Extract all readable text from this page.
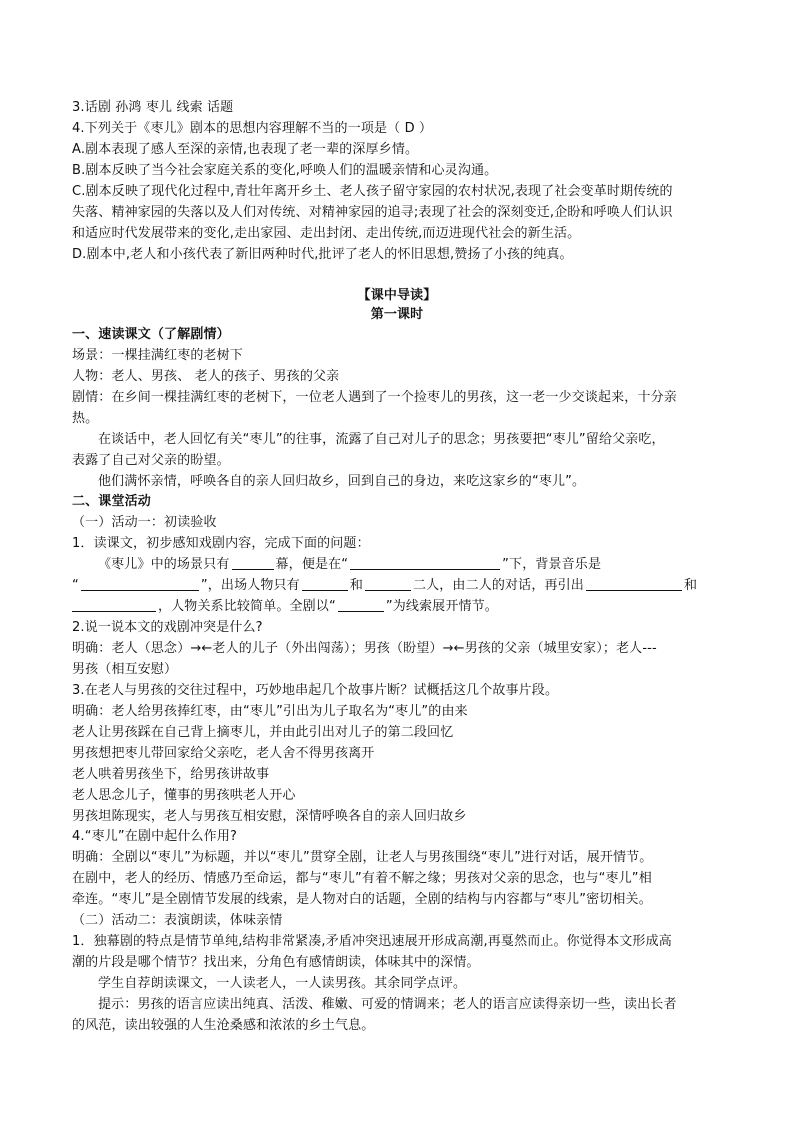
3.话剧 孙鸿 枣儿 线索 话题
4.下列关于《枣儿》剧本的思想内容理解不当的一项是（ D ）
A.剧本表现了感人至深的亲情,也表现了老一辈的深厚乡情。
B.剧本反映了当今社会家庭关系的变化,呼唤人们的温暖亲情和心灵沟通。
C.剧本反映了现代化过程中,青壮年离开乡土、老人孩子留守家园的农村状况,表现了社会变革时期传统的
失落、精神家园的失落以及人们对传统、对精神家园的追寻;表现了社会的深刻变迁,企盼和呼唤人们认识
和适应时代发展带来的变化,走出家园、走出封闭、走出传统,而迈进现代社会的新生活。
D.剧本中,老人和小孩代表了新旧两种时代,批评了老人的怀旧思想,赞扬了小孩的纯真。
【课中导读】
第一课时
一、速读课文（了解剧情）
场景：一棵挂满红枣的老树下
人物：老人、男孩、 老人的孩子、男孩的父亲
剧情：在乡间一棵挂满红枣的老树下，一位老人遇到了一个捡枣儿的男孩，这一老一少交谈起来，十分亲
热。
在谈话中，老人回忆有关“枣儿”的往事，流露了自己对儿子的思念；男孩要把“枣儿”留给父亲吃，
表露了自己对父亲的盼望。
他们满怀亲情，呼唤各自的亲人回归故乡，回到自己的身边，来吃这家乡的“枣儿”。
二、课堂活动
（一）活动一：初读验收
1．读课文，初步感知戏剧内容，完成下面的问题：
《枣儿》中的场景只有	幕，便是在“	”下，背景音乐是
“	”，出场人物只有	和	二人，由二人的对话，再引出	和
，人物关系比较简单。全剧以“	”为线索展开情节。
2.说一说本文的戏剧冲突是什么?
明确：老人（思念）→←老人的儿子（外出闯荡）；男孩（盼望）→←男孩的父亲（城里安家）；老人---
男孩（相互安慰）
3.在老人与男孩的交往过程中，巧妙地串起几个故事片断？试概括这几个故事片段。
明确：老人给男孩捧红枣，由“枣儿”引出为儿子取名为“枣儿”的由来
老人让男孩踩在自己背上摘枣儿，并由此引出对儿子的第二段回忆
男孩想把枣儿带回家给父亲吃，老人舍不得男孩离开
老人哄着男孩坐下，给男孩讲故事
老人思念儿子，懂事的男孩哄老人开心
男孩坦陈现实，老人与男孩互相安慰，深情呼唤各自的亲人回归故乡
4.“枣儿”在剧中起什么作用?
明确：全剧以“枣儿”为标题，并以“枣儿”贯穿全剧，让老人与男孩围绕“枣儿”进行对话，展开情节。
在剧中，老人的经历、情感乃至命运，都与“枣儿”有着不解之缘；男孩对父亲的思念，也与“枣儿”相
牵连。“枣儿”是全剧情节发展的线索，是人物对白的话题，全剧的结构与内容都与“枣儿”密切相关。
（二）活动二：表演朗读，体味亲情
1．独幕剧的特点是情节单纯,结构非常紧凑,矛盾冲突迅速展开形成高潮,再戛然而止。你觉得本文形成高
潮的片段是哪个情节？找出来，分角色有感情朗读，体味其中的深情。
学生自荐朗读课文，一人读老人，一人读男孩。其余同学点评。
提示：男孩的语言应读出纯真、活泼、稚嫩、可爱的情调来；老人的语言应读得亲切一些，读出长者
的风范，读出较强的人生沧桑感和浓浓的乡土气息。
